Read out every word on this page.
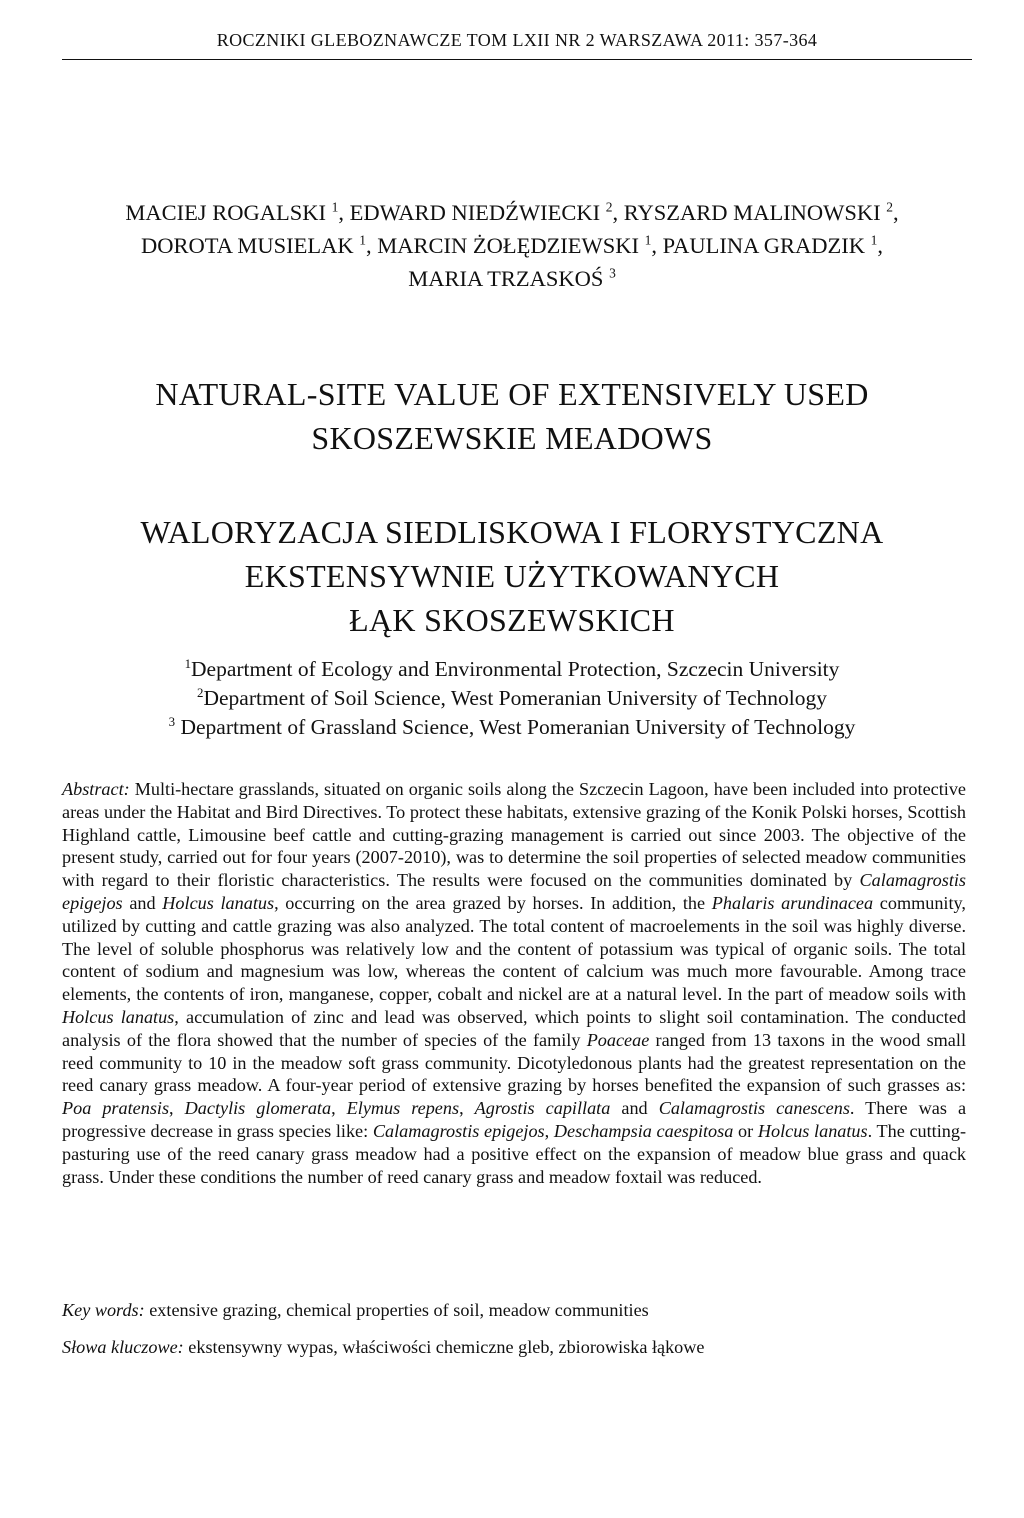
ROCZNIKI GLEBOZNAWCZE TOM LXII NR 2 WARSZAWA 2011: 357-364
MACIEJ ROGALSKI $^1$, EDWARD NIEDŹWIECKI $^2$, RYSZARD MALINOWSKI $^2$,
DOROTA MUSIELAK $^1$, MARCIN ŻOŁĘDZIEWSKI $^1$, PAULINA GRADZIK $^1$,
MARIA TRZASKOŚ $^3$
NATURAL-SITE VALUE OF EXTENSIVELY USED
SKOSZEWSKIE MEADOWS
WALORYZACJA SIEDLISKOWA I FLORYSTYCZNA
EKSTENSYWNIE UŻYTKOWANYCH
ŁĄK SKOSZEWSKICH
$^1$Department of Ecology and Environmental Protection, Szczecin University
$^2$Department of Soil Science, West Pomeranian University of Technology
$^3$ Department of Grassland Science, West Pomeranian University of Technology

Abstract: Multi-hectare grasslands, situated on organic soils along the Szczecin Lagoon, have been included into protective areas under the Habitat and Bird Directives. To protect these habitats, extensive grazing of the Konik Polski horses, Scottish Highland cattle, Limousine beef cattle and cutting-grazing management is carried out since 2003. The objective of the present study, carried out for four years (2007-2010), was to determine the soil properties of selected meadow communities with regard to their floristic characteristics. The results were focused on the communities dominated by Calamagrostis epigejos and Holcus lanatus, occurring on the area grazed by horses. In addition, the Phalaris arundinacea community, utilized by cutting and cattle grazing was also analyzed. The total content of macroelements in the soil was highly diverse. The level of soluble phosphorus was relatively low and the content of potassium was typical of organic soils. The total content of sodium and magnesium was low, whereas the content of calcium was much more favourable. Among trace elements, the contents of iron, manganese, copper, cobalt and nickel are at a natural level. In the part of meadow soils with Holcus lanatus, accumulation of zinc and lead was observed, which points to slight soil contamination. The conducted analysis of the flora showed that the number of species of the family Poaceae ranged from 13 taxons in the wood small reed community to 10 in the meadow soft grass community. Dicotyledonous plants had the greatest representation on the reed canary grass meadow. A four-year period of extensive grazing by horses benefited the expansion of such grasses as: Poa pratensis, Dactylis glomerata, Elymus repens, Agrostis capillata and Calamagrostis canescens. There was a progressive decrease in grass species like: Calamagrostis epigejos, Deschampsia caespitosa or Holcus lanatus. The cutting-pasturing use of the reed canary grass meadow had a positive effect on the expansion of meadow blue grass and quack grass. Under these conditions the number of reed canary grass and meadow foxtail was reduced.

Key words: extensive grazing, chemical properties of soil, meadow communities

Słowa kluczowe: ekstensywny wypas, właściwości chemiczne gleb, zbiorowiska łąkowe
